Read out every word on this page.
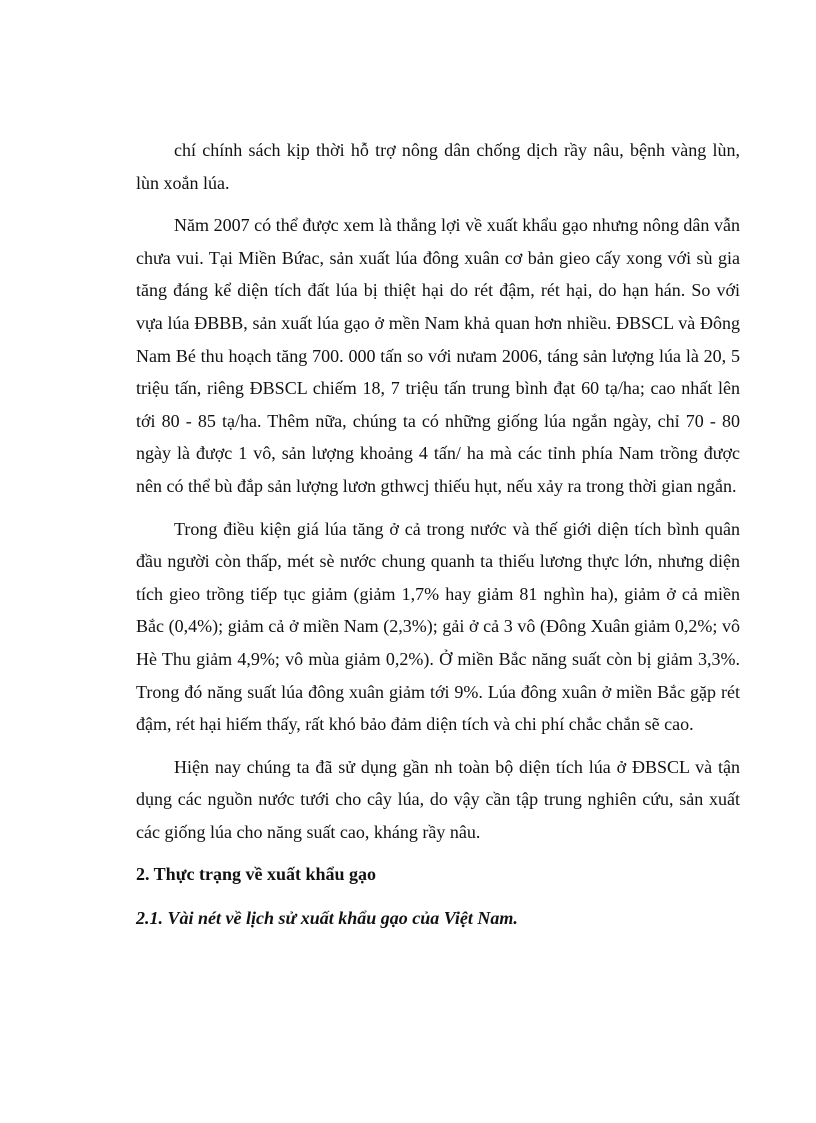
chí chính sách kịp thời hỗ trợ nông dân chống dịch rầy nâu, bệnh vàng lùn, lùn xoắn lúa.

Năm 2007 có thể được xem là thắng lợi về xuất khẩu gạo nhưng nông dân vẫn chưa vui. Tại Miền Bứac, sản xuất lúa đông xuân cơ bản gieo cấy xong với sù gia tăng đáng kể diện tích đất lúa bị thiệt hại do rét đậm, rét hại, do hạn hán. So với vựa lúa ĐBBB, sản xuất lúa gạo ở mền Nam khả quan hơn nhiều. ĐBSCL và Đông Nam Bé thu hoạch tăng 700. 000 tấn so với nưam 2006, táng sản lượng lúa là 20, 5 triệu tấn, riêng ĐBSCL chiếm 18, 7 triệu tấn trung bình đạt 60 tạ/ha; cao nhất lên tới 80 - 85 tạ/ha. Thêm nữa, chúng ta có những giống lúa ngắn ngày, chỉ 70 - 80 ngày là được 1 vô, sản lượng khoảng 4 tấn/ ha mà các tỉnh phía Nam trồng được nên có thể bù đắp sản lượng lươn gthwcj thiếu hụt, nếu xảy ra trong thời gian ngắn.

Trong điều kiện giá lúa tăng ở cả trong nước và thế giới diện tích bình quân đầu người còn thấp, mét sè nước chung quanh ta thiếu lương thực lớn, nhưng diện tích gieo trồng tiếp tục giảm (giảm 1,7% hay giảm 81 nghìn ha), giảm ở cả miền Bắc (0,4%); giảm cả ở miền Nam (2,3%); gải ở cả 3 vô (Đông Xuân giảm 0,2%; vô Hè Thu giảm 4,9%; vô mùa giảm 0,2%). Ở miền Bắc năng suất còn bị giảm 3,3%. Trong đó năng suất lúa đông xuân giảm tới 9%. Lúa đông xuân ở miền Bắc gặp rét đậm, rét hại hiếm thấy, rất khó bảo đảm diện tích và chi phí chắc chắn sẽ cao.

Hiện nay chúng ta đã sử dụng gần nh toàn bộ diện tích lúa ở ĐBSCL và tận dụng các nguồn nước tưới cho cây lúa, do vậy cần tập trung nghiên cứu, sản xuất các giống lúa cho năng suất cao, kháng rầy nâu.

2. Thực trạng về xuất khẩu gạo
2.1. Vài nét về lịch sử xuất khẩu gạo của Việt Nam.
